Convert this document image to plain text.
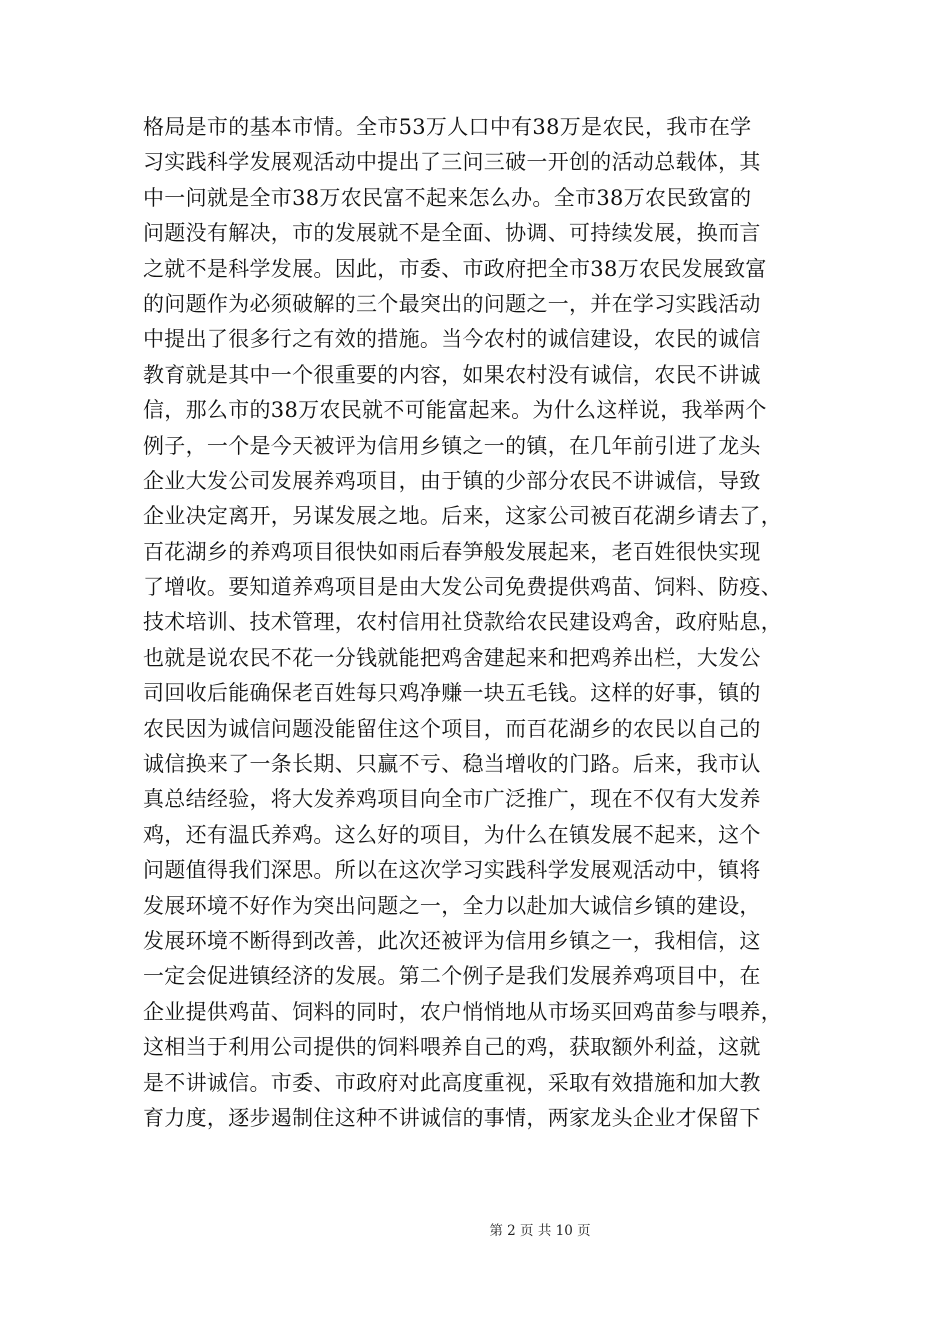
格局是市的基本市情。全市53万人口中有38万是农民，我市在学
习实践科学发展观活动中提出了三问三破一开创的活动总载体，其
中一问就是全市38万农民富不起来怎么办。全市38万农民致富的
问题没有解决，市的发展就不是全面、协调、可持续发展，换而言
之就不是科学发展。因此，市委、市政府把全市38万农民发展致富
的问题作为必须破解的三个最突出的问题之一，并在学习实践活动
中提出了很多行之有效的措施。当今农村的诚信建设，农民的诚信
教育就是其中一个很重要的内容，如果农村没有诚信，农民不讲诚
信，那么市的38万农民就不可能富起来。为什么这样说，我举两个
例子，一个是今天被评为信用乡镇之一的镇，在几年前引进了龙头
企业大发公司发展养鸡项目，由于镇的少部分农民不讲诚信，导致
企业决定离开，另谋发展之地。后来，这家公司被百花湖乡请去了，
百花湖乡的养鸡项目很快如雨后春笋般发展起来，老百姓很快实现
了增收。要知道养鸡项目是由大发公司免费提供鸡苗、饲料、防疫、
技术培训、技术管理，农村信用社贷款给农民建设鸡舍，政府贴息，
也就是说农民不花一分钱就能把鸡舍建起来和把鸡养出栏，大发公
司回收后能确保老百姓每只鸡净赚一块五毛钱。这样的好事，镇的
农民因为诚信问题没能留住这个项目，而百花湖乡的农民以自己的
诚信换来了一条长期、只赢不亏、稳当增收的门路。后来，我市认
真总结经验，将大发养鸡项目向全市广泛推广，现在不仅有大发养
鸡，还有温氏养鸡。这么好的项目，为什么在镇发展不起来，这个
问题值得我们深思。所以在这次学习实践科学发展观活动中，镇将
发展环境不好作为突出问题之一，全力以赴加大诚信乡镇的建设，
发展环境不断得到改善，此次还被评为信用乡镇之一，我相信，这
一定会促进镇经济的发展。第二个例子是我们发展养鸡项目中，在
企业提供鸡苗、饲料的同时，农户悄悄地从市场买回鸡苗参与喂养，
这相当于利用公司提供的饲料喂养自己的鸡，获取额外利益，这就
是不讲诚信。市委、市政府对此高度重视，采取有效措施和加大教
育力度，逐步遏制住这种不讲诚信的事情，两家龙头企业才保留下
第 2 页 共 10 页
